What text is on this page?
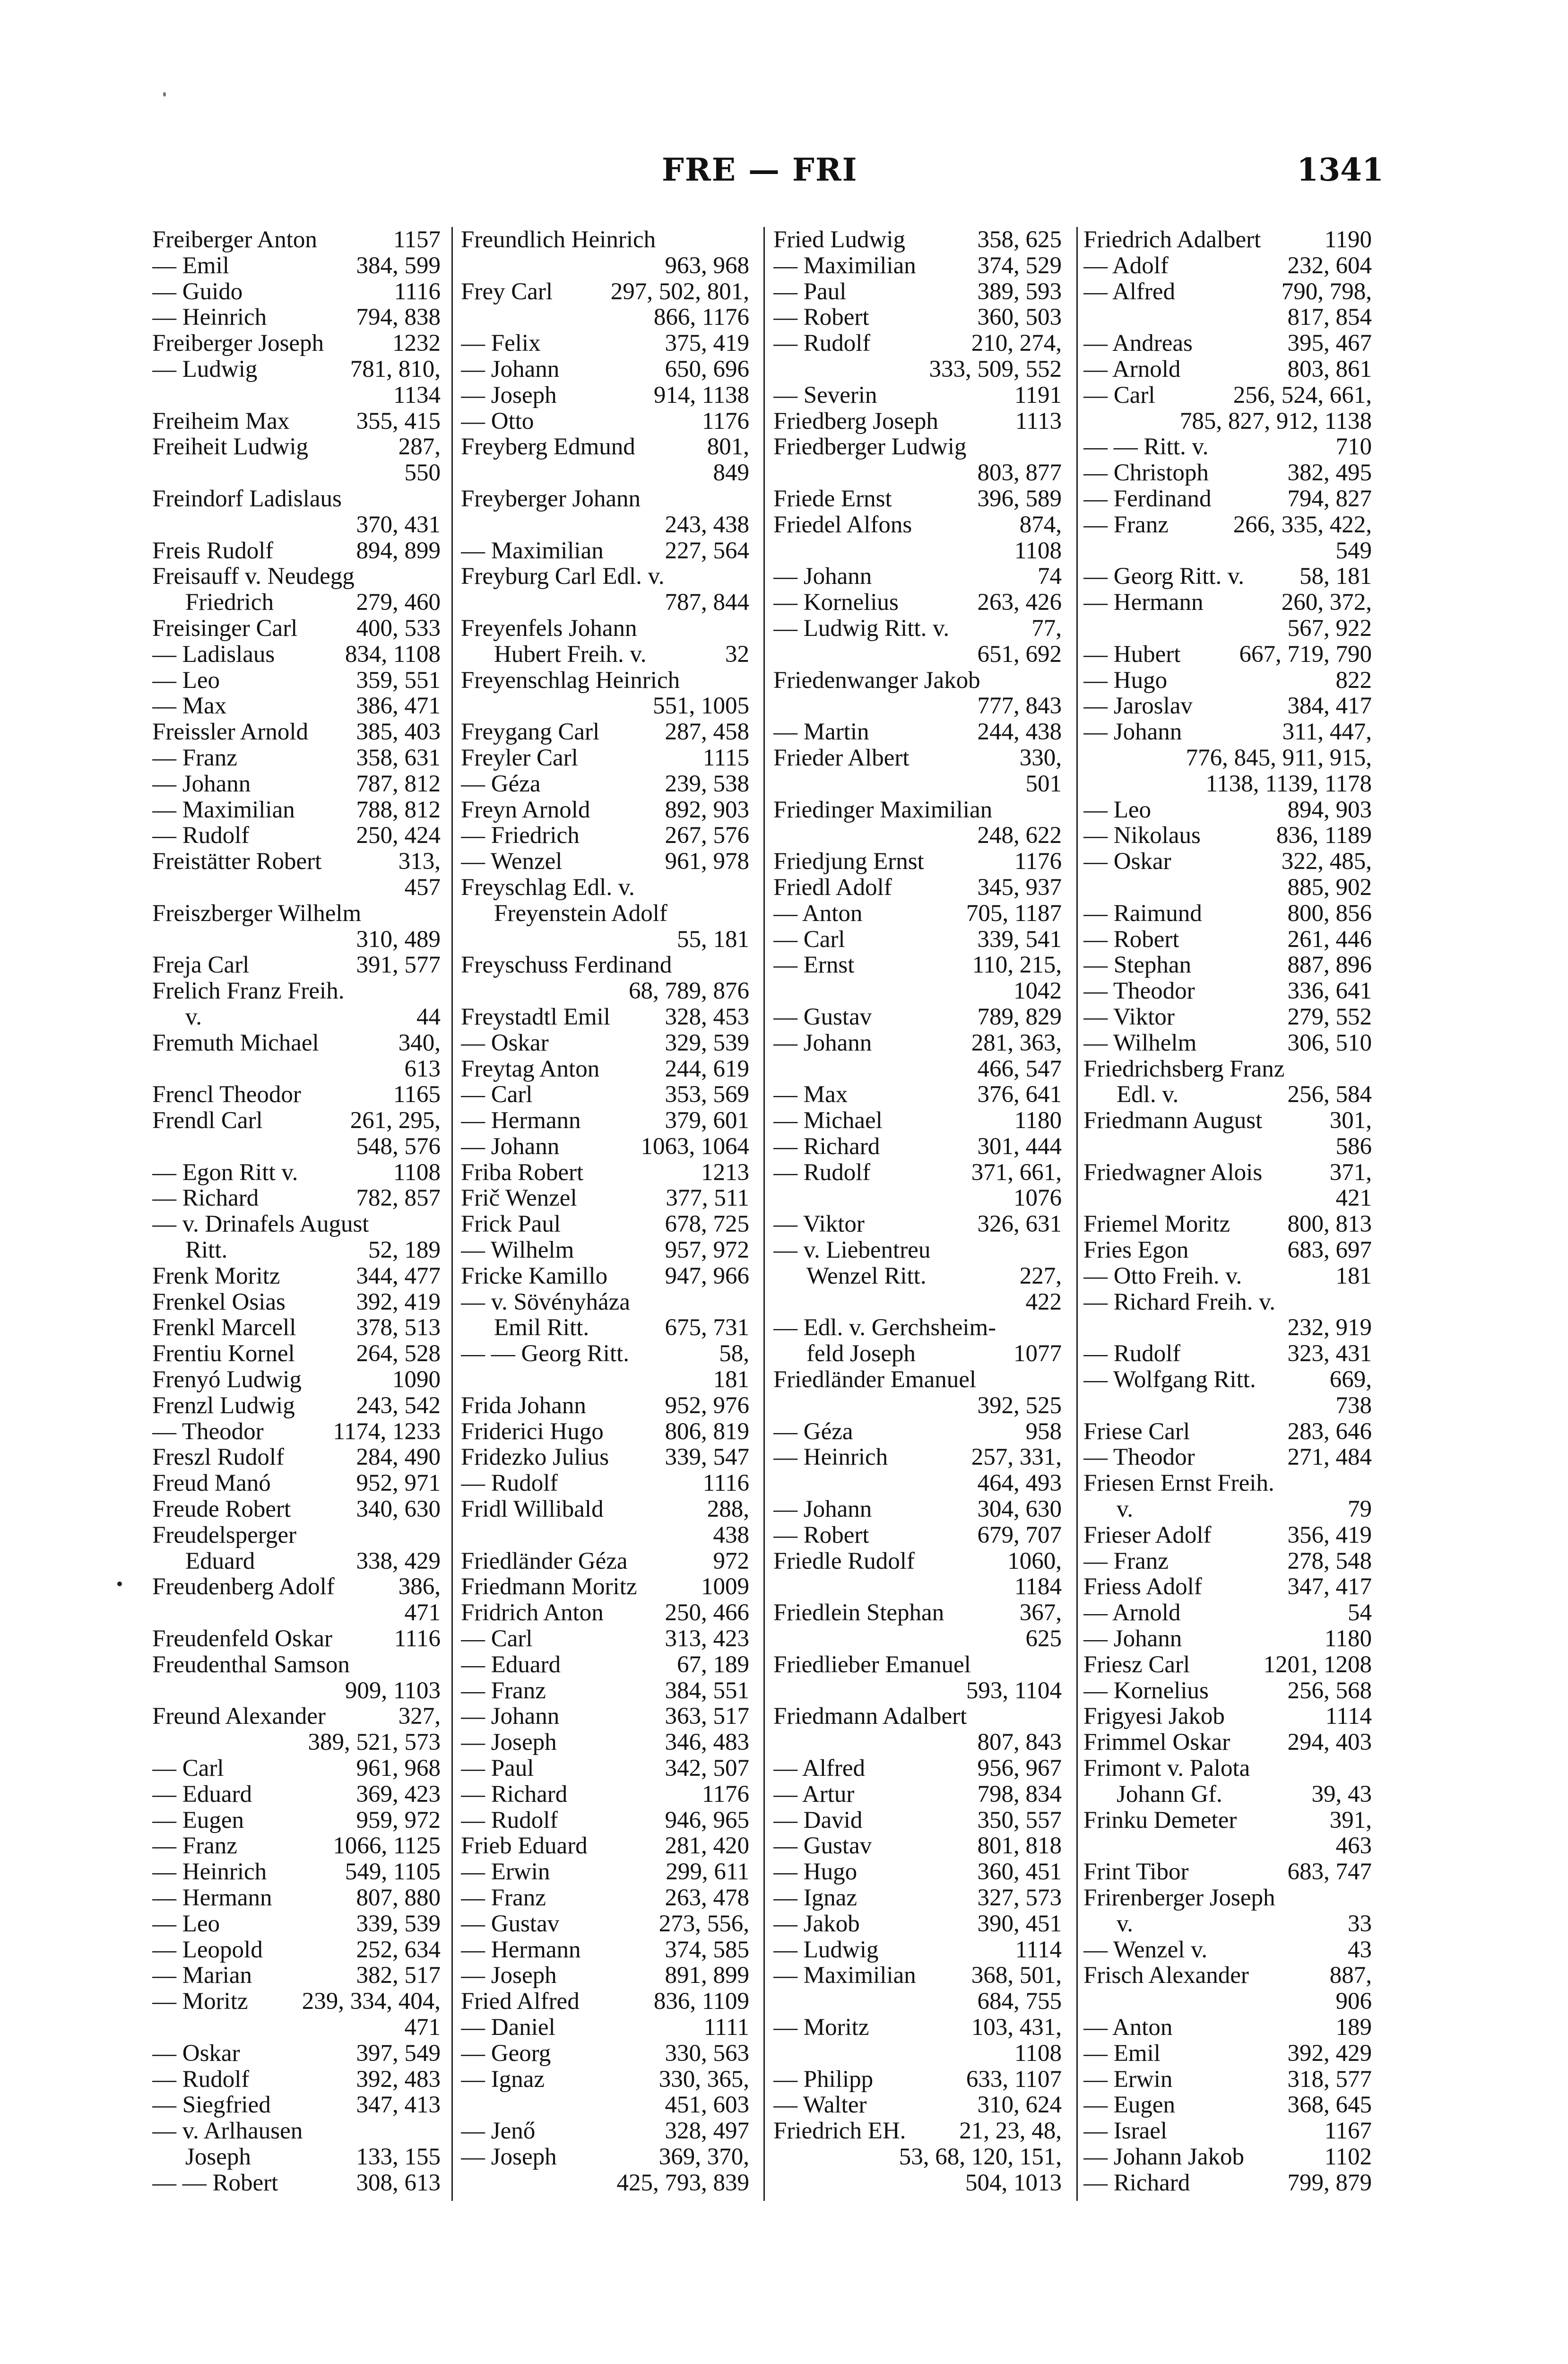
FRE — FRI	1341
Freiberger Anton	1157
— Emil	384, 599
— Guido	1116
— Heinrich	794, 838
Freiberger Joseph	1232
— Ludwig	781, 810,
1134
Freiheim Max	355, 415
Freiheit Ludwig	287,
550
Freindorf Ladislaus
370, 431
Freis Rudolf	894, 899
Freisauff v. Neudegg
Friedrich	279, 460
Freisinger Carl 400, 533
— Ladislaus	834, 1108
— Leo	359, 551
— Max	386, 471
Freissler Arnold 385, 403
— Franz	358, 631
— Johann	787, 812
— Maximilian	788, 812
— Rudolf	250, 424
Freistätter Robert	313,
457
Freiszberger Wilhelm
310, 489
Freja Carl	391, 577
Frelich Franz Freih.
v.	44
Fremuth Michael	340,
613
Frencl Theodor	1165
Frendl Carl	261, 295,
548, 576
— Egon Ritt v.	1108
— Richard	782, 857
— v. Drinafels August
Ritt.	52, 189
Frenk Moritz	344, 477
Frenkel Osias	392, 419
Frenkl Marcell 378, 513
Frentiu Kornel	264, 528
Frenyó Ludwig	1090
Frenzl Ludwig	243, 542
— Theodor	1174, 1233
Freszl Rudolf	284, 490
Freud Manó	952, 971
Freude Robert	340, 630
Freudelsperger
Eduard	338, 429
Freudenberg Adolf	386,
471
Freudenfeld Oskar	1116
Freudenthal Samson
909, 1103
Freund Alexander	327,
389, 521, 573
— Carl	961, 968
— Eduard	369, 423
— Eugen	959, 972
— Franz	1066, 1125
— Heinrich	549, 1105
— Hermann	807, 880
— Leo	339, 539
— Leopold	252, 634
— Marian	382, 517
— Moritz 239, 334, 404,
471
— Oskar	397, 549
— Rudolf	392, 483
— Siegfried	347, 413
— v. Arlhausen
Joseph	133, 155
— — Robert	308, 613
Freundlich Heinrich
963, 968
Frey Carl 297, 502, 801,
866, 1176
— Felix	375, 419
— Johann	650, 696
— Joseph	914, 1138
— Otto	1176
Freyberg Edmund	801,
849
Freyberger Johann
243, 438
— Maximilian	227, 564
Freyburg Carl Edl. v.
787, 844
Freyenfels Johann
Hubert Freih. v.	32
Freyenschlag Heinrich
551, 1005
Freygang Carl	287, 458
Freyler Carl	1115
— Géza	239, 538
Freyn Arnold	892, 903
— Friedrich	267, 576
— Wenzel	961, 978
Freyschlag Edl. v.
Freyenstein Adolf
55, 181
Freyschuss Ferdinand
68, 789, 876
Freystadtl Emil 328, 453
— Oskar	329, 539
Freytag Anton	244, 619
— Carl	353, 569
— Hermann	379, 601
— Johann	1063, 1064
Friba Robert	1213
Frič Wenzel	377, 511
Frick Paul	678, 725
— Wilhelm	957, 972
Fricke Kamillo 947, 966
— v. Sövényháza
Emil Ritt.	675, 731
— — Georg Ritt.	58,
181
Frida Johann	952, 976
Friderici Hugo	806, 819
Fridezko Julius 339, 547
— Rudolf	1116
Fridl Willibald	288,
438
Friedländer Géza	972
Friedmann Moritz	1009
Fridrich Anton	250, 466
— Carl	313, 423
— Eduard	67, 189
— Franz	384, 551
— Johann	363, 517
— Joseph	346, 483
— Paul	342, 507
— Richard	1176
— Rudolf	946, 965
Frieb Eduard	281, 420
— Erwin	299, 611
— Franz	263, 478
— Gustav	273, 556,
— Hermann	374, 585
— Joseph	891, 899
Fried Alfred	836, 1109
— Daniel	1111
— Georg	330, 563
— Ignaz	330, 365,
451, 603
— Jenő	328, 497
— Joseph	369, 370,
425, 793, 839
Fried Ludwig	358, 625
— Maximilian	374, 529
— Paul	389, 593
— Robert	360, 503
— Rudolf	210, 274,
333, 509, 552
— Severin	1191
Friedberg Joseph	1113
Friedberger Ludwig
803, 877
Friede Ernst	396, 589
Friedel Alfons	874,
1108
— Johann	74
— Kornelius	263, 426
— Ludwig Ritt. v.	77,
651, 692
Friedenwanger Jakob
777, 843
— Martin	244, 438
Frieder Albert	330,
501
Friedinger Maximilian
248, 622
Friedjung Ernst	1176
Friedl Adolf	345, 937
— Anton	705, 1187
— Carl	339, 541
— Ernst	110, 215,
1042
— Gustav	789, 829
— Johann	281, 363,
466, 547
— Max	376, 641
— Michael	1180
— Richard	301, 444
— Rudolf	371, 661,
1076
— Viktor	326, 631
— v. Liebentreu
Wenzel Ritt.	227,
422
— Edl. v. Gerchsheim-
feld Joseph	1077
Friedländer Emanuel
392, 525
— Géza	958
— Heinrich	257, 331,
464, 493
— Johann	304, 630
— Robert	679, 707
Friedle Rudolf	1060,
1184
Friedlein Stephan	367,
625
Friedlieber Emanuel
593, 1104
Friedmann Adalbert
807, 843
— Alfred	956, 967
— Artur	798, 834
— David	350, 557
— Gustav	801, 818
— Hugo	360, 451
— Ignaz	327, 573
— Jakob	390, 451
— Ludwig	1114
— Maximilian 368, 501,
684, 755
— Moritz	103, 431,
1108
— Philipp	633, 1107
— Walter	310, 624
Friedrich EH. 21, 23, 48,
53, 68, 120, 151,
504, 1013
Friedrich Adalbert	1190
— Adolf	232, 604
— Alfred	790, 798,
817, 854
— Andreas	395, 467
— Arnold	803, 861
— Carl	256, 524, 661,
785, 827, 912, 1138
— — Ritt. v.	710
— Christoph	382, 495
— Ferdinand	794, 827
— Franz	266, 335, 422,
549
— Georg Ritt. v. 58, 181
— Hermann	260, 372,
567, 922
— Hubert 667, 719, 790
— Hugo	822
— Jaroslav	384, 417
— Johann	311, 447,
776, 845, 911, 915,
1138, 1139, 1178
— Leo	894, 903
— Nikolaus	836, 1189
— Oskar	322, 485,
885, 902
— Raimund	800, 856
— Robert	261, 446
— Stephan	887, 896
— Theodor	336, 641
— Viktor	279, 552
— Wilhelm	306, 510
Friedrichsberg Franz
Edl. v.	256, 584
Friedmann August	301,
586
Friedwagner Alois	371,
421
Friemel Moritz 800, 813
Fries Egon	683, 697
— Otto Freih. v.	181
— Richard Freih. v.
232, 919
— Rudolf	323, 431
— Wolfgang Ritt.	669,
738
Friese Carl	283, 646
— Theodor	271, 484
Friesen Ernst Freih.
v.	79
Frieser Adolf	356, 419
— Franz	278, 548
Friess Adolf	347, 417
— Arnold	54
— Johann	1180
Friesz Carl	1201, 1208
— Kornelius	256, 568
Frigyesi Jakob	1114
Frimmel Oskar 294, 403
Frimont v. Palota
Johann Gf.	39, 43
Frinku Demeter	391,
463
Frint Tibor	683, 747
Frirenberger Joseph
v.	33
— Wenzel v.	43
Frisch Alexander	887,
906
— Anton	189
— Emil	392, 429
— Erwin	318, 577
— Eugen	368, 645
— Israel	1167
— Johann Jakob	1102
— Richard	799, 879
